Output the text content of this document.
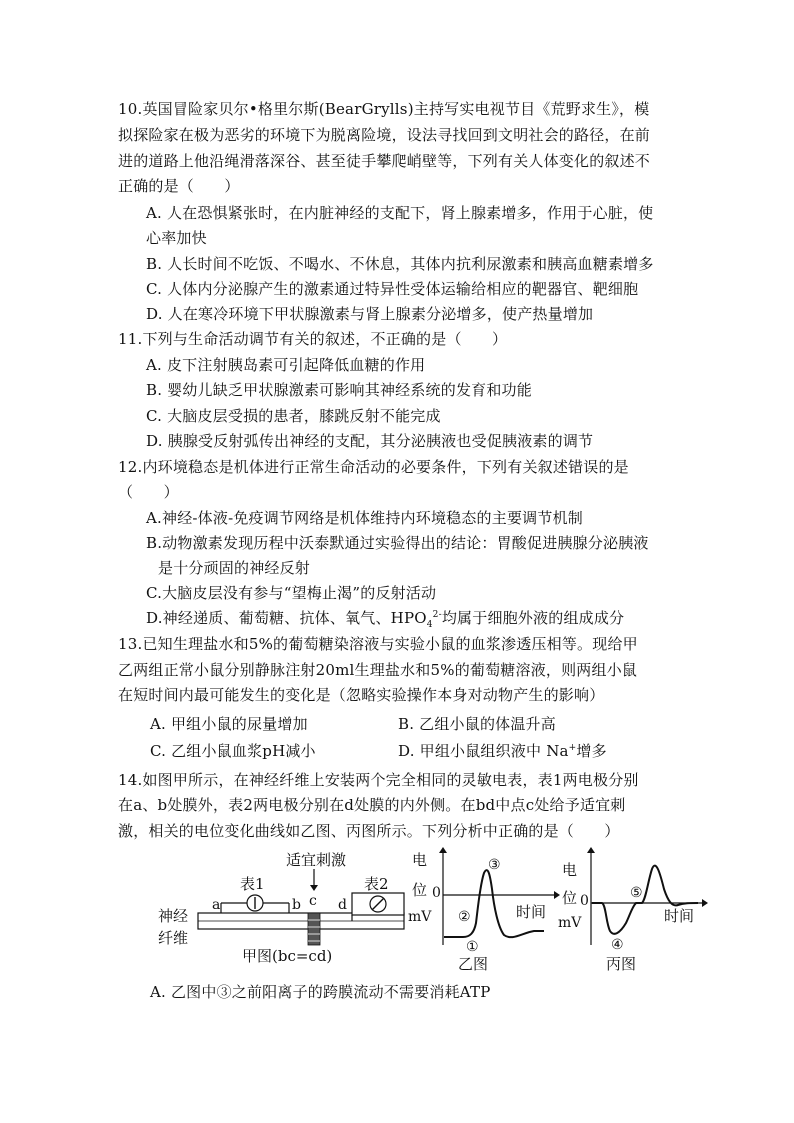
10.英国冒险家贝尔•格里尔斯(BearGrylls)主持写实电视节目《荒野求生》，模
拟探险家在极为恶劣的环境下为脱离险境，设法寻找回到文明社会的路径，在前
进的道路上他沿绳滑落深谷、甚至徒手攀爬峭壁等，下列有关人体变化的叙述不
正确的是（　　）
A. 人在恐惧紧张时，在内脏神经的支配下，肾上腺素增多，作用于心脏，使
心率加快
B. 人长时间不吃饭、不喝水、不休息，其体内抗利尿激素和胰高血糖素增多
C. 人体内分泌腺产生的激素通过特异性受体运输给相应的靶器官、靶细胞
D. 人在寒冷环境下甲状腺激素与肾上腺素分泌增多，使产热量增加
11.下列与生命活动调节有关的叙述，不正确的是（　　）
A. 皮下注射胰岛素可引起降低血糖的作用
B. 婴幼儿缺乏甲状腺激素可影响其神经系统的发育和功能
C. 大脑皮层受损的患者，膝跳反射不能完成
D. 胰腺受反射弧传出神经的支配，其分泌胰液也受促胰液素的调节
12.内环境稳态是机体进行正常生命活动的必要条件，下列有关叙述错误的是
（　　）
A.神经-体液-免疫调节网络是机体维持内环境稳态的主要调节机制
B.动物激素发现历程中沃泰默通过实验得出的结论：胃酸促进胰腺分泌胰液
是十分顽固的神经反射
C.大脑皮层没有参与“望梅止渴”的反射活动
D.神经递质、葡萄糖、抗体、氧气、$HPO_4^{2-}$均属于细胞外液的组成成分
13.已知生理盐水和5%的葡萄糖染溶液与实验小鼠的血浆渗透压相等。现给甲
乙两组正常小鼠分别静脉注射20ml生理盐水和5%的葡萄糖溶液，则两组小鼠
在短时间内最可能发生的变化是（忽略实验操作本身对动物产生的影响）
A. 甲组小鼠的尿量增加	B. 乙组小鼠的体温升高
C. 乙组小鼠血浆pH减小	D. 甲组小鼠组织液中 Na+增多
14.如图甲所示，在神经纤维上安装两个完全相同的灵敏电表，表1两电极分别
在a、b处膜外，表2两电极分别在d处膜的内外侧。在bd中点c处给予适宜刺
激，相关的电位变化曲线如乙图、丙图所示。下列分析中正确的是（　　）
神经
纤维
表1
a	b
适宜刺激
c
表2
d
甲图(bc=cd)
电
位 0
mV	时间
①
②
③
乙图
电
位 0
mV	时间
④
⑤
丙图
A. 乙图中③之前阳离子的跨膜流动不需要消耗ATP
